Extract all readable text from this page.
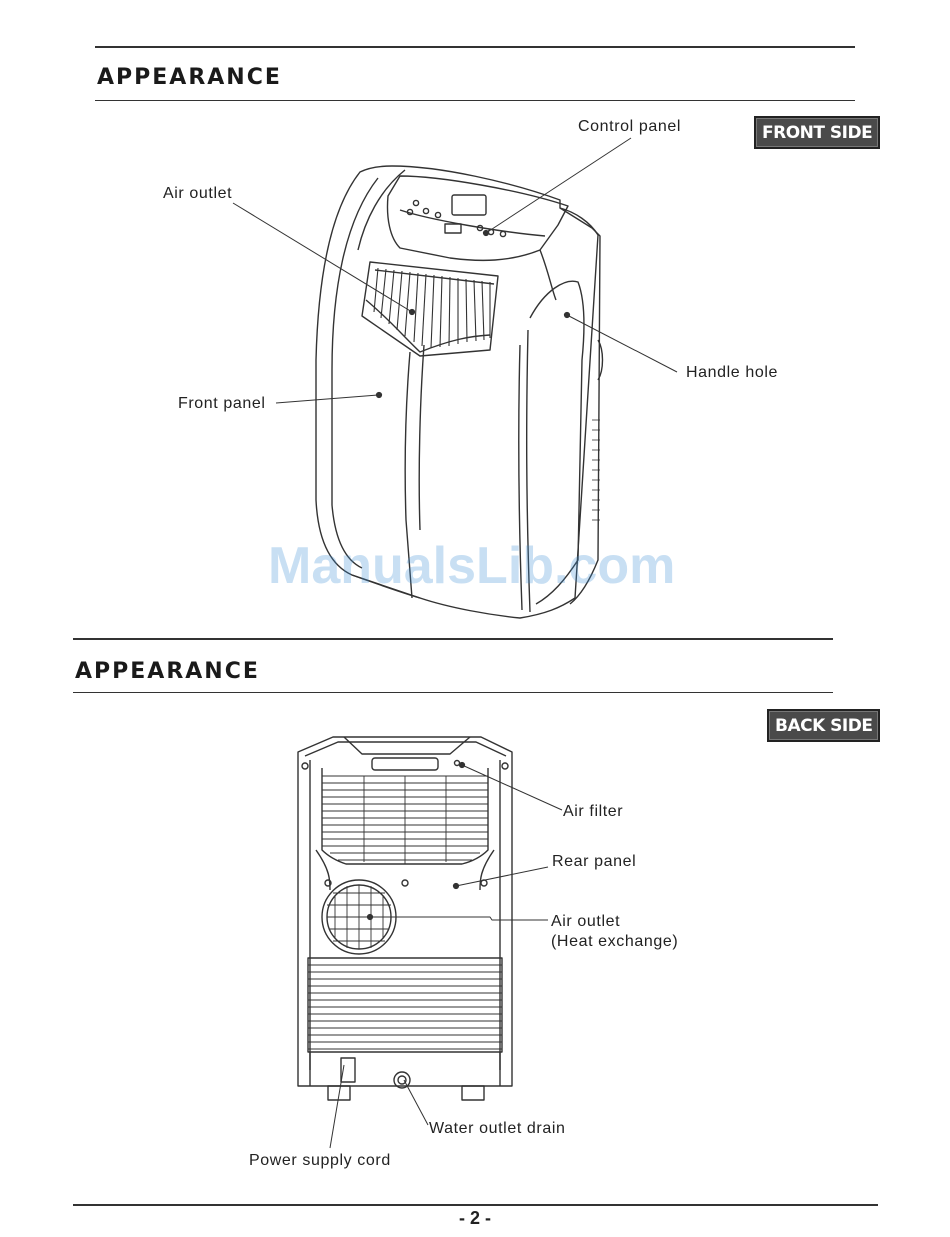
APPEARANCE
APPEARANCE
FRONT SIDE
BACK SIDE
Control panel
Air outlet
Handle hole
Front panel
ManualsLib.com
Air filter
Rear panel
Air outlet
(Heat exchange)
Water outlet drain
Power supply cord
- 2 -
